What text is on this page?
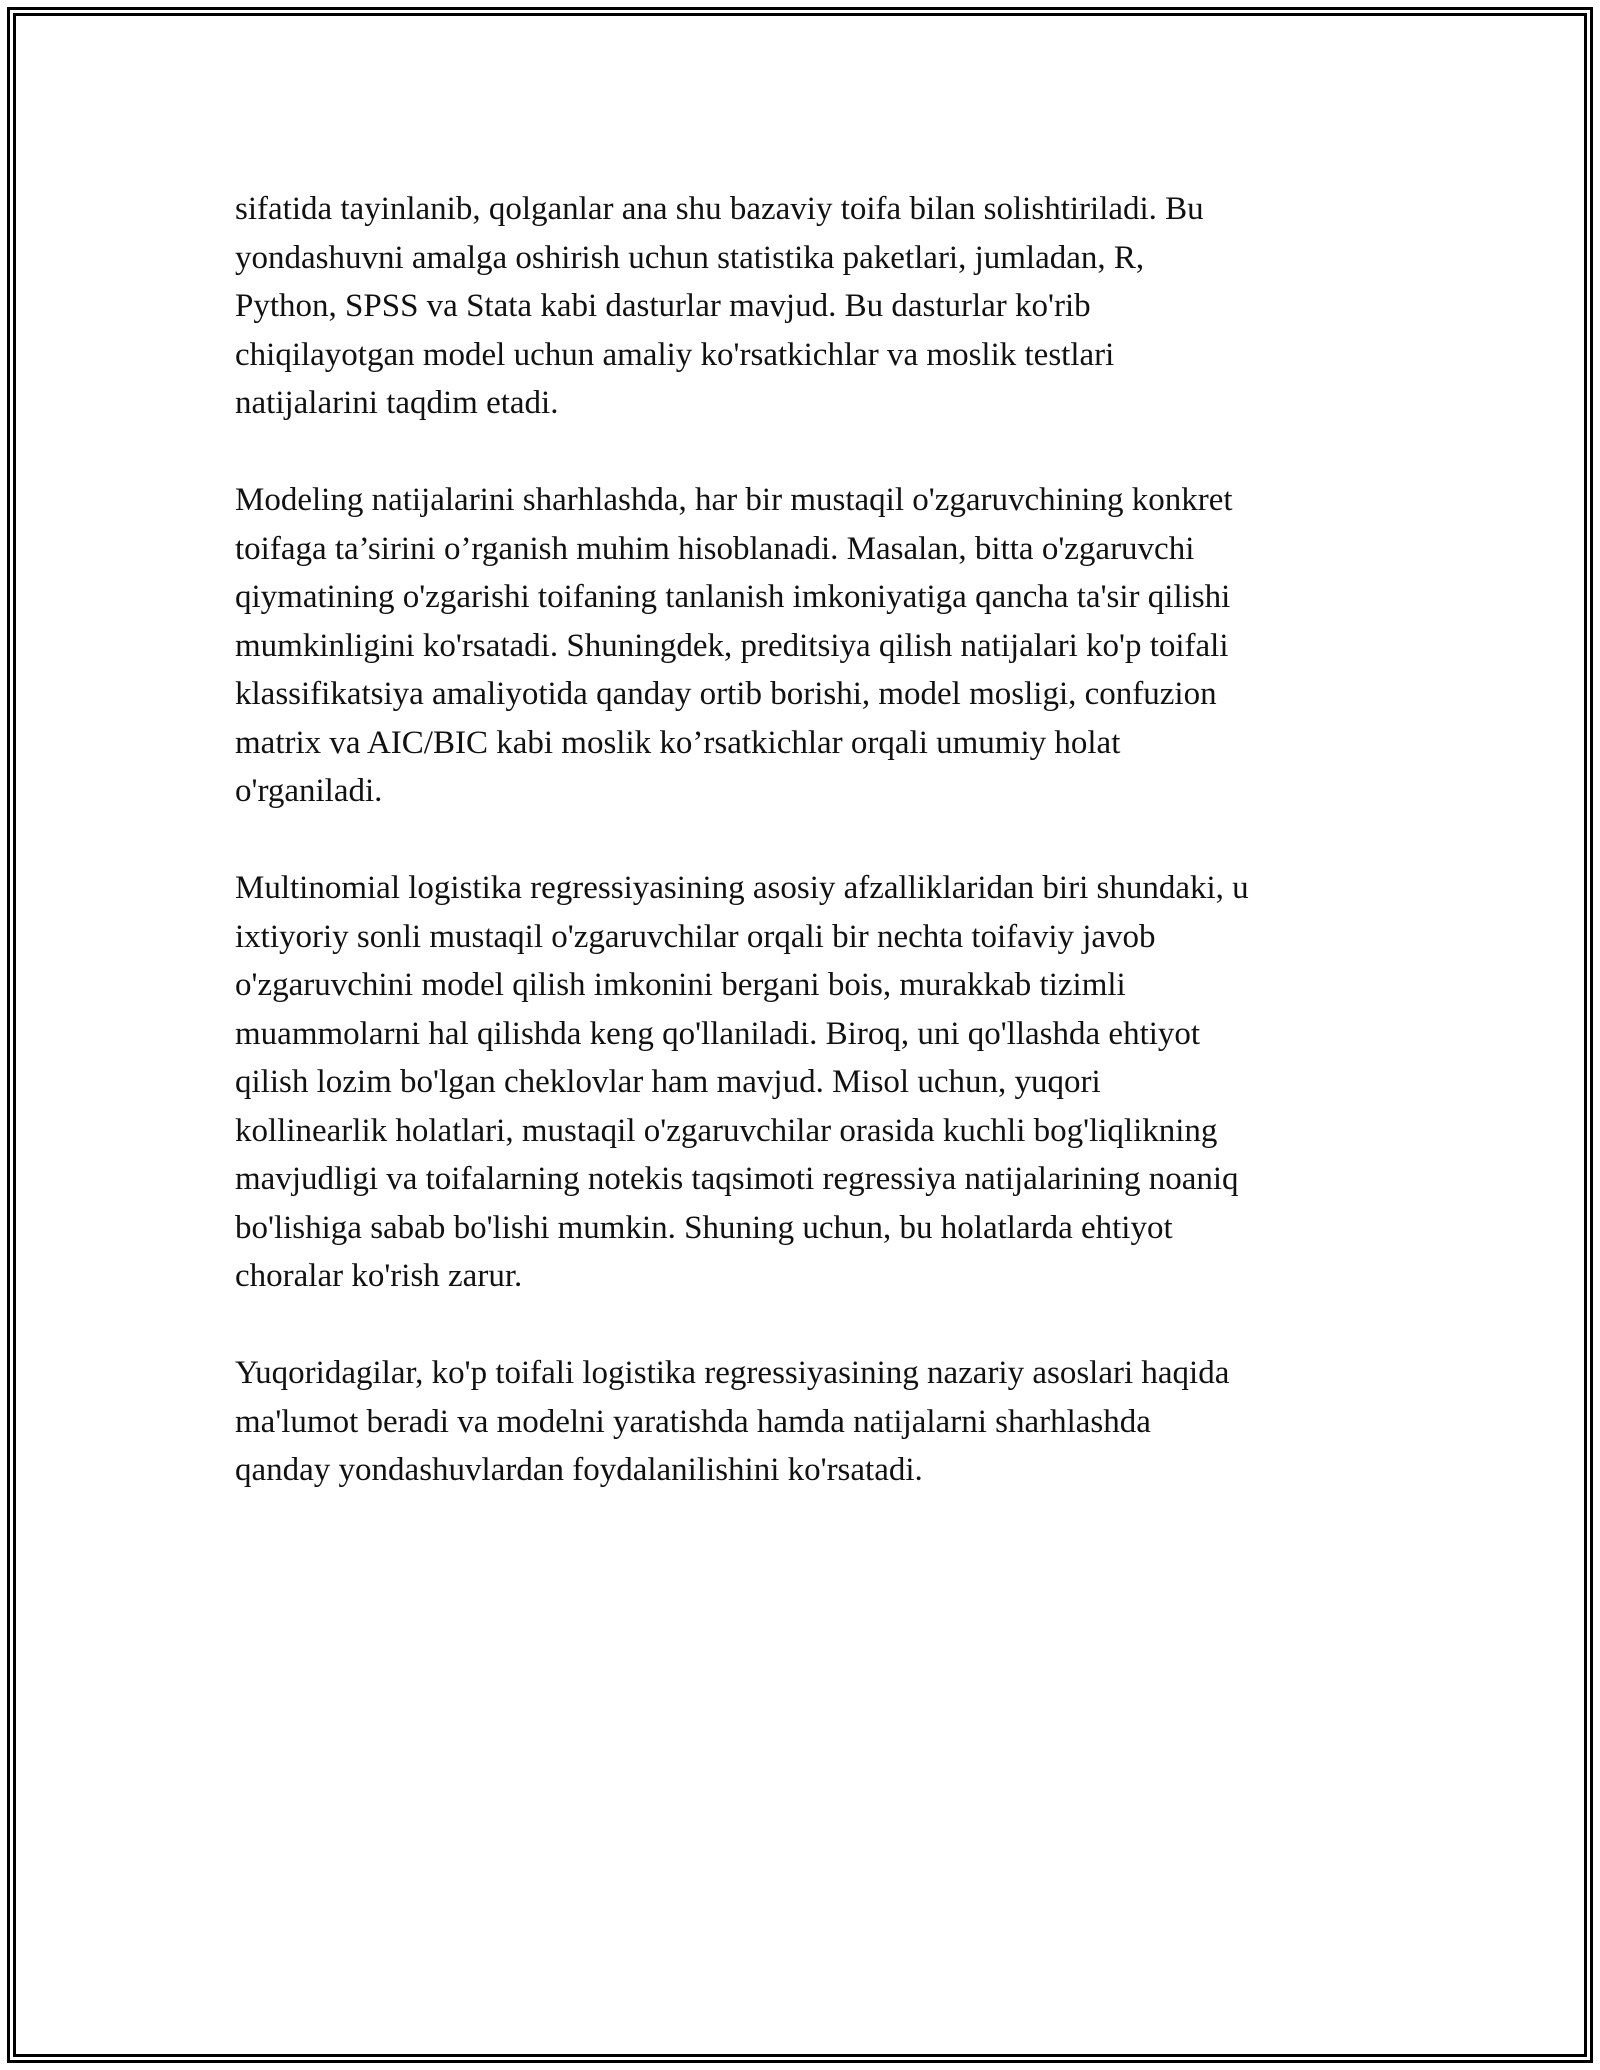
sifatida tayinlanib, qolganlar ana shu bazaviy toifa bilan solishtiriladi. Bu
yondashuvni amalga oshirish uchun statistika paketlari, jumladan, R,
Python, SPSS va Stata kabi dasturlar mavjud. Bu dasturlar ko'rib
chiqilayotgan model uchun amaliy ko'rsatkichlar va moslik testlari
natijalarini taqdim etadi.

Modeling natijalarini sharhlashda, har bir mustaqil o'zgaruvchining konkret
toifaga ta’sirini o’rganish muhim hisoblanadi. Masalan, bitta o'zgaruvchi
qiymatining o'zgarishi toifaning tanlanish imkoniyatiga qancha ta'sir qilishi
mumkinligini ko'rsatadi. Shuningdek, preditsiya qilish natijalari ko'p toifali
klassifikatsiya amaliyotida qanday ortib borishi, model mosligi, confuzion
matrix va AIC/BIC kabi moslik ko’rsatkichlar orqali umumiy holat
o'rganiladi.

Multinomial logistika regressiyasining asosiy afzalliklaridan biri shundaki, u
ixtiyoriy sonli mustaqil o'zgaruvchilar orqali bir nechta toifaviy javob
o'zgaruvchini model qilish imkonini bergani bois, murakkab tizimli
muammolarni hal qilishda keng qo'llaniladi. Biroq, uni qo'llashda ehtiyot
qilish lozim bo'lgan cheklovlar ham mavjud. Misol uchun, yuqori
kollinearlik holatlari, mustaqil o'zgaruvchilar orasida kuchli bog'liqlikning
mavjudligi va toifalarning notekis taqsimoti regressiya natijalarining noaniq
bo'lishiga sabab bo'lishi mumkin. Shuning uchun, bu holatlarda ehtiyot
choralar ko'rish zarur.

Yuqoridagilar, ko'p toifali logistika regressiyasining nazariy asoslari haqida
ma'lumot beradi va modelni yaratishda hamda natijalarni sharhlashda
qanday yondashuvlardan foydalanilishini ko'rsatadi.
